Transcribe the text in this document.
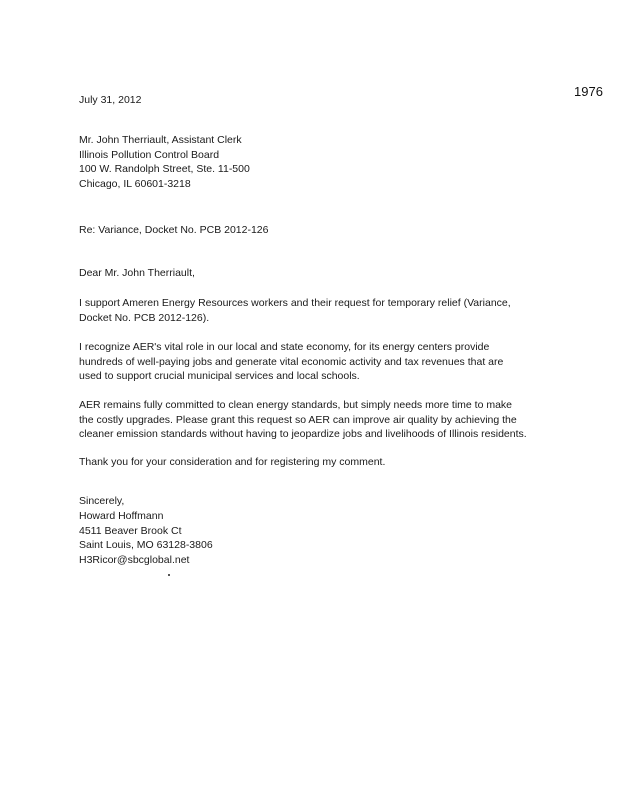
1976
July 31, 2012
Mr. John Therriault, Assistant Clerk
Illinois Pollution Control Board
100 W. Randolph Street, Ste. 11-500
Chicago, IL 60601-3218
Re: Variance, Docket No. PCB 2012-126
Dear Mr. John Therriault,
I support Ameren Energy Resources workers and their request for temporary relief (Variance,
Docket No. PCB 2012-126).
I recognize AER's vital role in our local and state economy, for its energy centers provide
hundreds of well-paying jobs and generate vital economic activity and tax revenues that are
used to support crucial municipal services and local schools.
AER remains fully committed to clean energy standards, but simply needs more time to make
the costly upgrades. Please grant this request so AER can improve air quality by achieving the
cleaner emission standards without having to jeopardize jobs and livelihoods of Illinois residents.
Thank you for your consideration and for registering my comment.
Sincerely,
Howard Hoffmann
4511 Beaver Brook Ct
Saint Louis, MO 63128-3806
H3Ricor@sbcglobal.net
